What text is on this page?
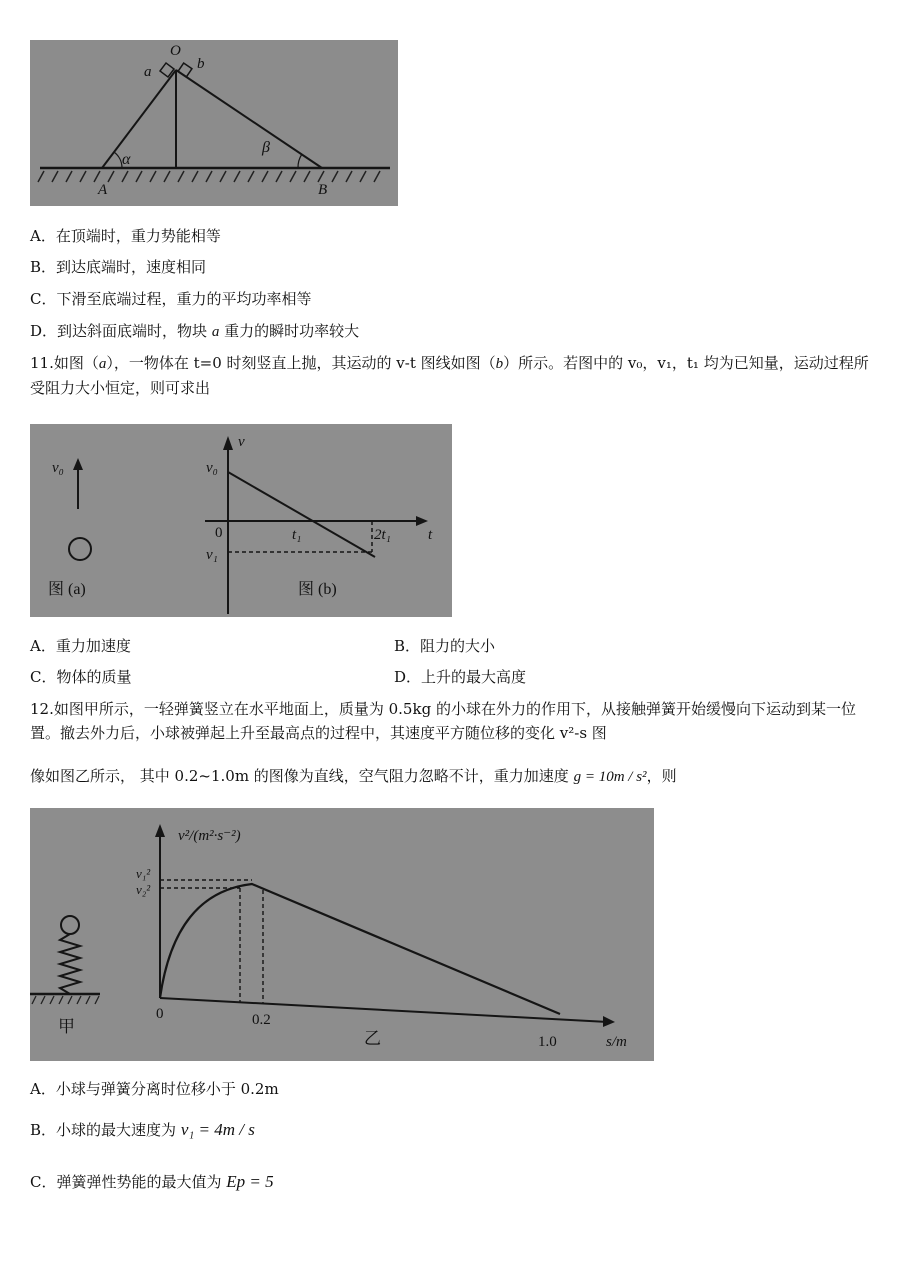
O
a	b
α
β
A	B
A．在顶端时，重力势能相等
B．到达底端时，速度相同
C．下滑至底端过程，重力的平均功率相等
D．到达斜面底端时，物块 a 重力的瞬时功率较大
11.如图（a），一物体在 t=0 时刻竖直上抛，其运动的 v-t 图线如图（b）所示。若图中的 v₀，v₁，t₁ 均为已知量，运动过程所受阻力大小恒定，则可求出
v₀
图 (a)
v
t
0
v₀
t₁	2t₁
v₁
图 (b)
A．重力加速度	B．阻力的大小
C．物体的质量	D．上升的最大高度
12.如图甲所示，一轻弹簧竖立在水平地面上，质量为 0.5kg 的小球在外力的作用下，从接触弹簧开始缓慢向下运动到某一位置。撤去外力后，小球被弹起上升至最高点的过程中，其速度平方随位移的变化 v²-s 图
像如图乙所示， 其中 0.2~1.0m 的图像为直线，空气阻力忽略不计，重力加速度 g = 10m / s²，则
甲
v²/(m²·s⁻²)
v₁²
v₂²
0	0.2
1.0	s/m
乙
A．小球与弹簧分离时位移小于 0.2m
B．小球的最大速度为 v₁ = 4m / s
C．弹簧弹性势能的最大值为 Ep = 5
